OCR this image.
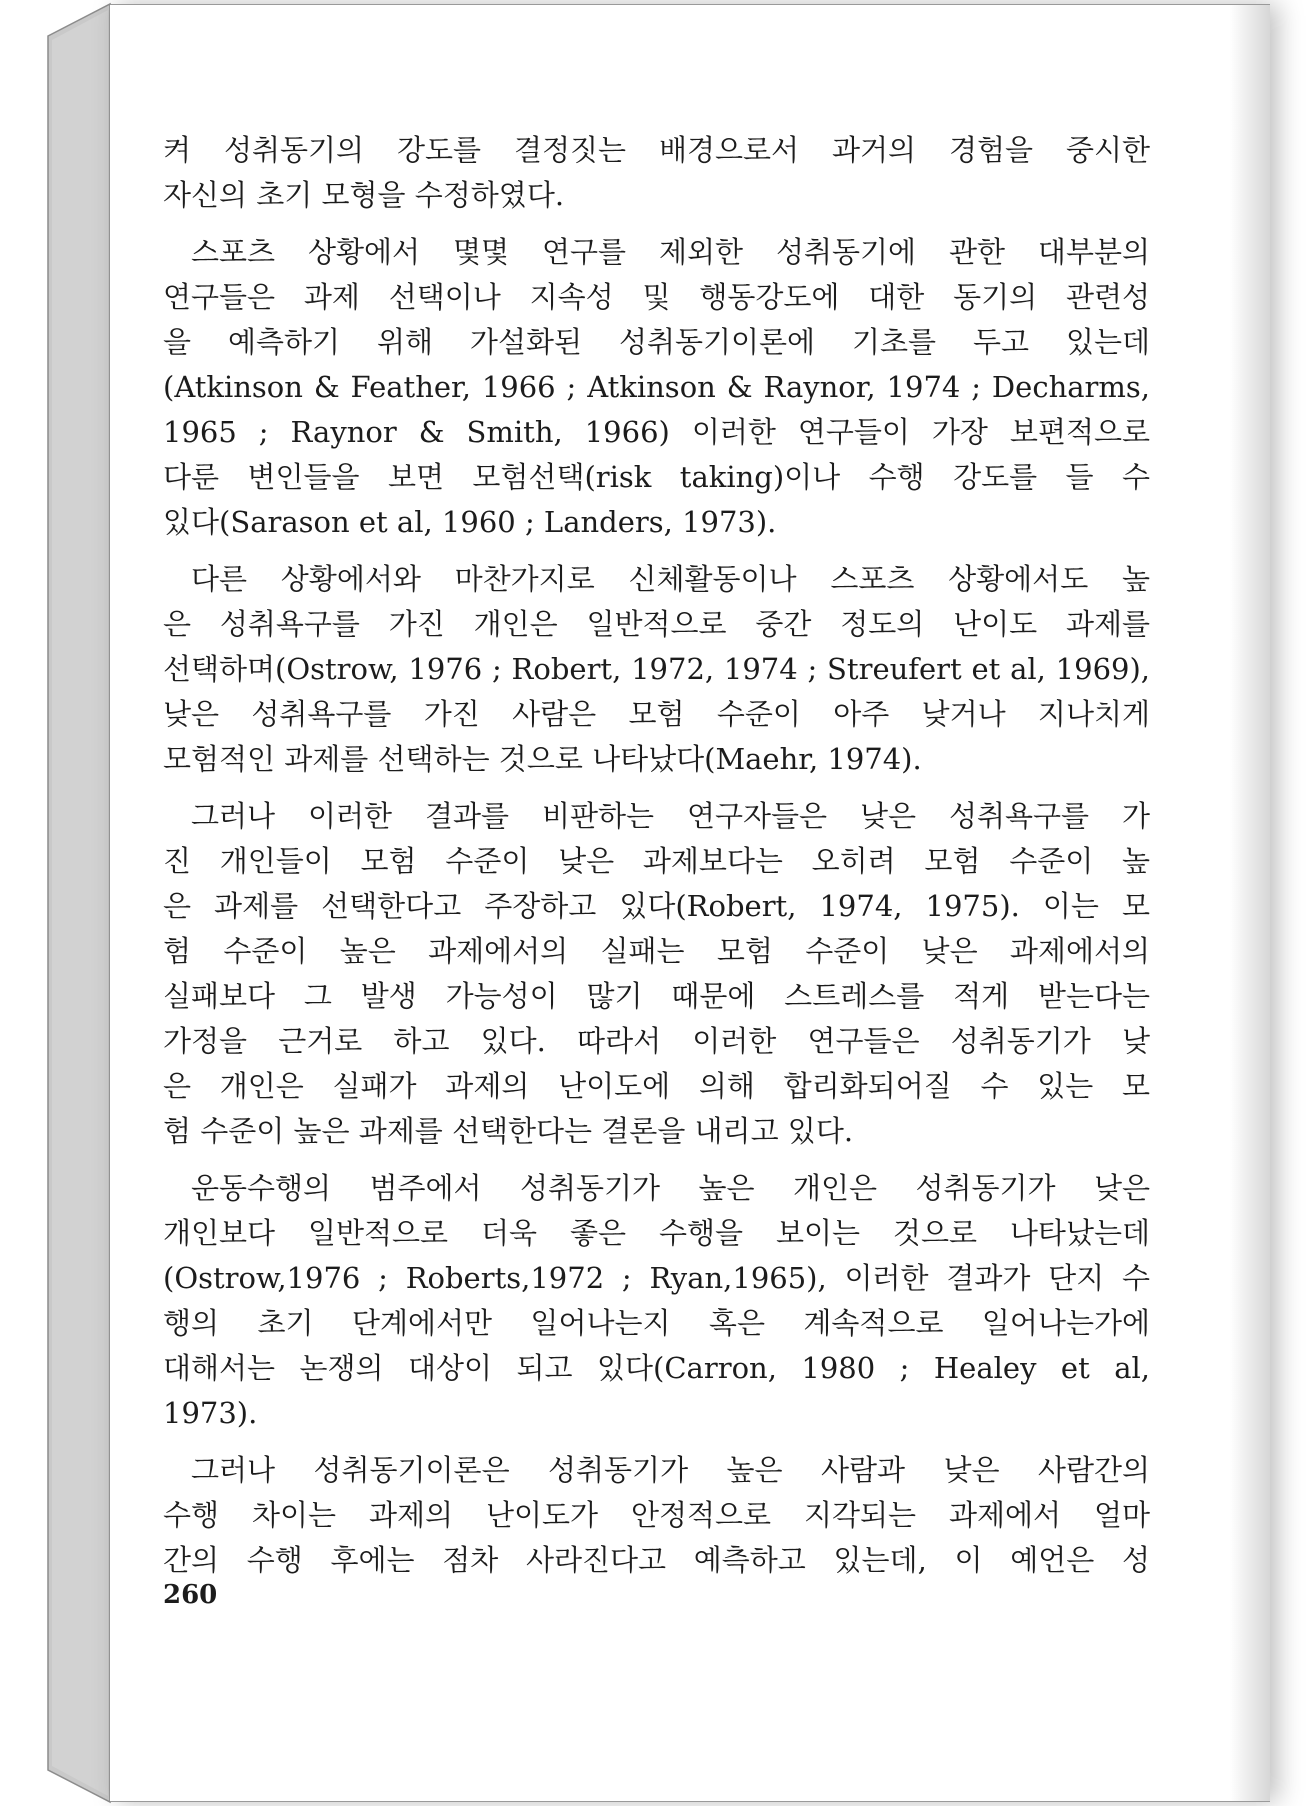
켜 성취동기의 강도를 결정짓는 배경으로서 과거의 경험을 중시한
자신의 초기 모형을 수정하였다.
스포츠 상황에서 몇몇 연구를 제외한 성취동기에 관한 대부분의
연구들은 과제 선택이나 지속성 및 행동강도에 대한 동기의 관련성
을 예측하기 위해 가설화된 성취동기이론에 기초를 두고 있는데
(Atkinson & Feather, 1966 ; Atkinson & Raynor, 1974 ; Decharms,
1965 ; Raynor & Smith, 1966) 이러한 연구들이 가장 보편적으로
다룬 변인들을 보면 모험선택(risk taking)이나 수행 강도를 들 수
있다(Sarason et al, 1960 ; Landers, 1973).
다른 상황에서와 마찬가지로 신체활동이나 스포츠 상황에서도 높
은 성취욕구를 가진 개인은 일반적으로 중간 정도의 난이도 과제를
선택하며(Ostrow, 1976 ; Robert, 1972, 1974 ; Streufert et al, 1969),
낮은 성취욕구를 가진 사람은 모험 수준이 아주 낮거나 지나치게
모험적인 과제를 선택하는 것으로 나타났다(Maehr, 1974).
그러나 이러한 결과를 비판하는 연구자들은 낮은 성취욕구를 가
진 개인들이 모험 수준이 낮은 과제보다는 오히려 모험 수준이 높
은 과제를 선택한다고 주장하고 있다(Robert, 1974, 1975). 이는 모
험 수준이 높은 과제에서의 실패는 모험 수준이 낮은 과제에서의
실패보다 그 발생 가능성이 많기 때문에 스트레스를 적게 받는다는
가정을 근거로 하고 있다. 따라서 이러한 연구들은 성취동기가 낮
은 개인은 실패가 과제의 난이도에 의해 합리화되어질 수 있는 모
험 수준이 높은 과제를 선택한다는 결론을 내리고 있다.
운동수행의 범주에서 성취동기가 높은 개인은 성취동기가 낮은
개인보다 일반적으로 더욱 좋은 수행을 보이는 것으로 나타났는데
(Ostrow,1976 ; Roberts,1972 ; Ryan,1965), 이러한 결과가 단지 수
행의 초기 단계에서만 일어나는지 혹은 계속적으로 일어나는가에
대해서는 논쟁의 대상이 되고 있다(Carron, 1980 ; Healey et al,
1973).
그러나 성취동기이론은 성취동기가 높은 사람과 낮은 사람간의
수행 차이는 과제의 난이도가 안정적으로 지각되는 과제에서 얼마
간의 수행 후에는 점차 사라진다고 예측하고 있는데, 이 예언은 성
260
